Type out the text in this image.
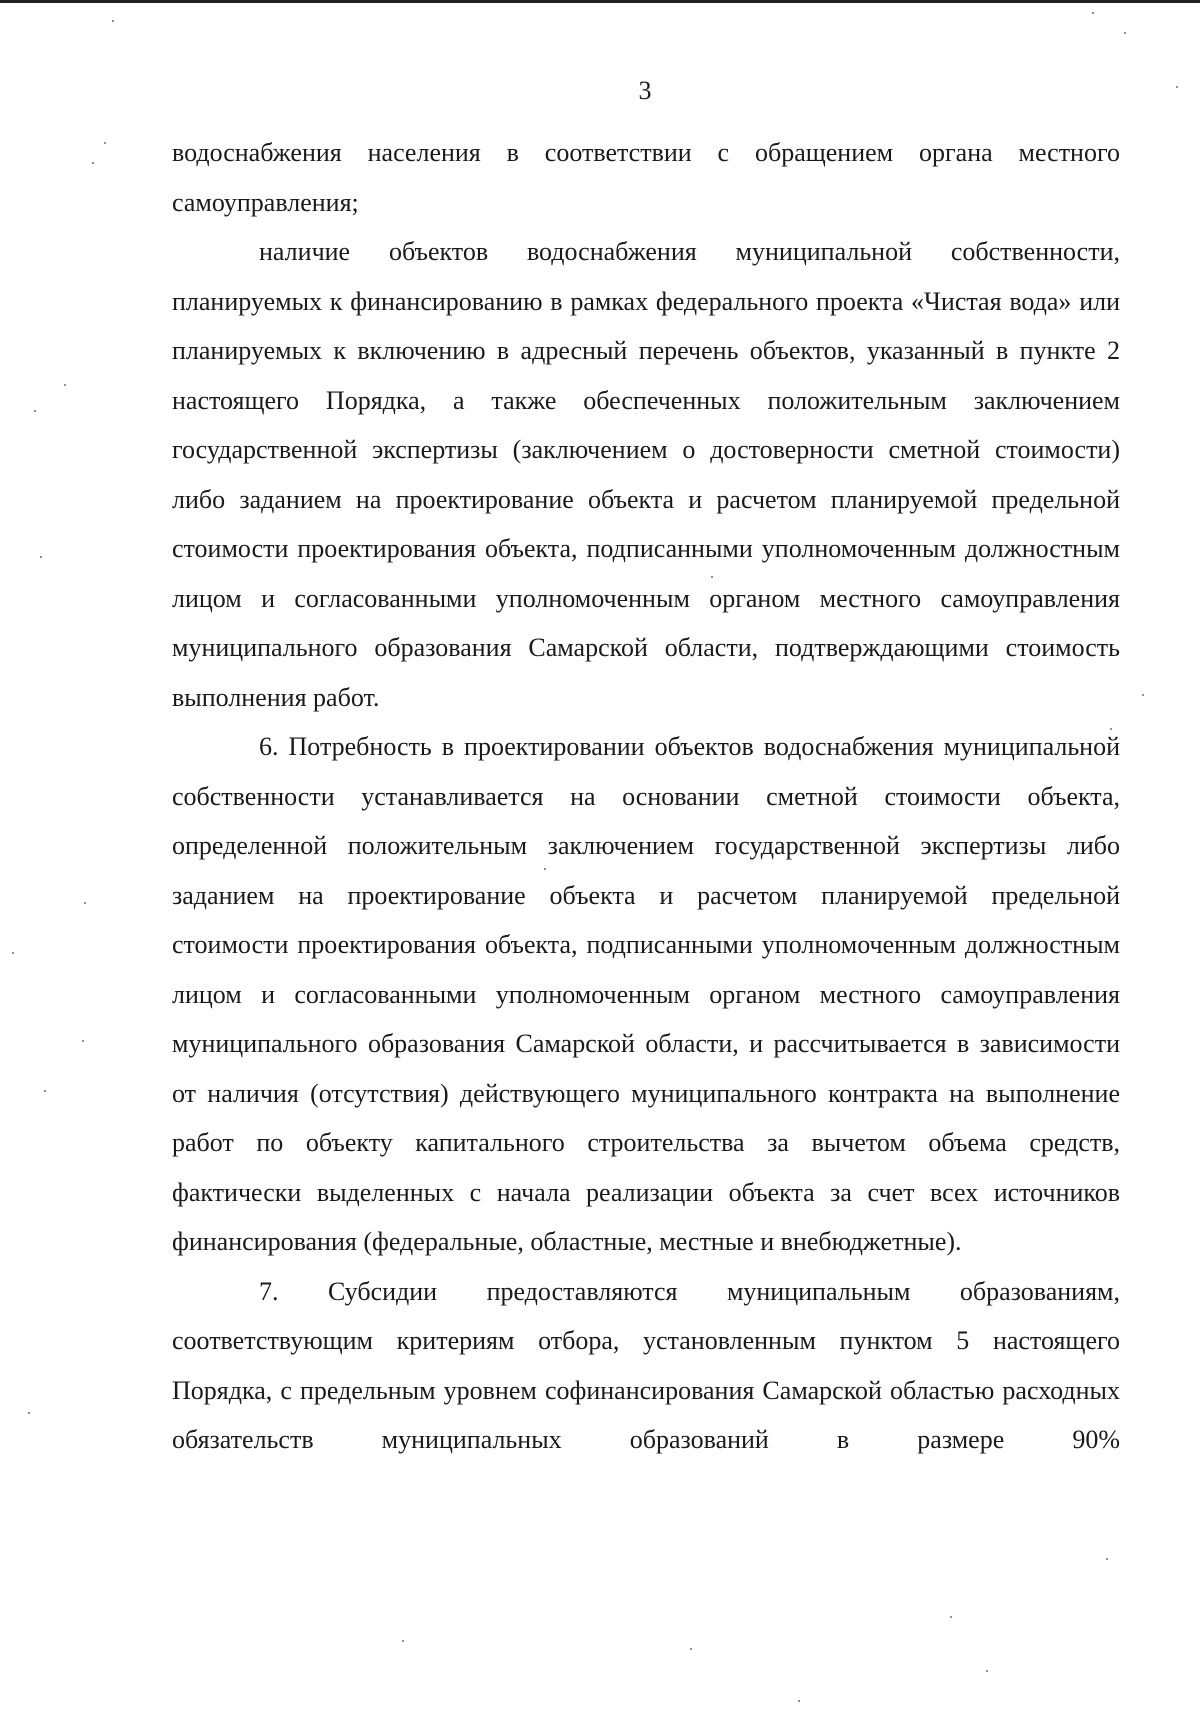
3

водоснабжения населения в соответствии с обращением органа местного самоуправления;

наличие объектов водоснабжения муниципальной собственности, планируемых к финансированию в рамках федерального проекта «Чистая вода» или планируемых к включению в адресный перечень объектов, указанный в пункте 2 настоящего Порядка, а также обеспеченных положительным заключением государственной экспертизы (заключением о достоверности сметной стоимости) либо заданием на проектирование объекта и расчетом планируемой предельной стоимости проектирования объекта, подписанными уполномоченным должностным лицом и согласованными уполномоченным органом местного самоуправления муниципального образования Самарской области, подтверждающими стоимость выполнения работ.

6. Потребность в проектировании объектов водоснабжения муниципальной собственности устанавливается на основании сметной стоимости объекта, определенной положительным заключением государственной экспертизы либо заданием на проектирование объекта и расчетом планируемой предельной стоимости проектирования объекта, подписанными уполномоченным должностным лицом и согласованными уполномоченным органом местного самоуправления муниципального образования Самарской области, и рассчитывается в зависимости от наличия (отсутствия) действующего муниципального контракта на выполнение работ по объекту капитального строительства за вычетом объема средств, фактически выделенных с начала реализации объекта за счет всех источников финансирования (федеральные, областные, местные и внебюджетные).

7. Субсидии предоставляются муниципальным образованиям, соответствующим критериям отбора, установленным пунктом 5 настоящего Порядка, с предельным уровнем софинансирования Самарской областью расходных обязательств муниципальных образований в размере 90%
